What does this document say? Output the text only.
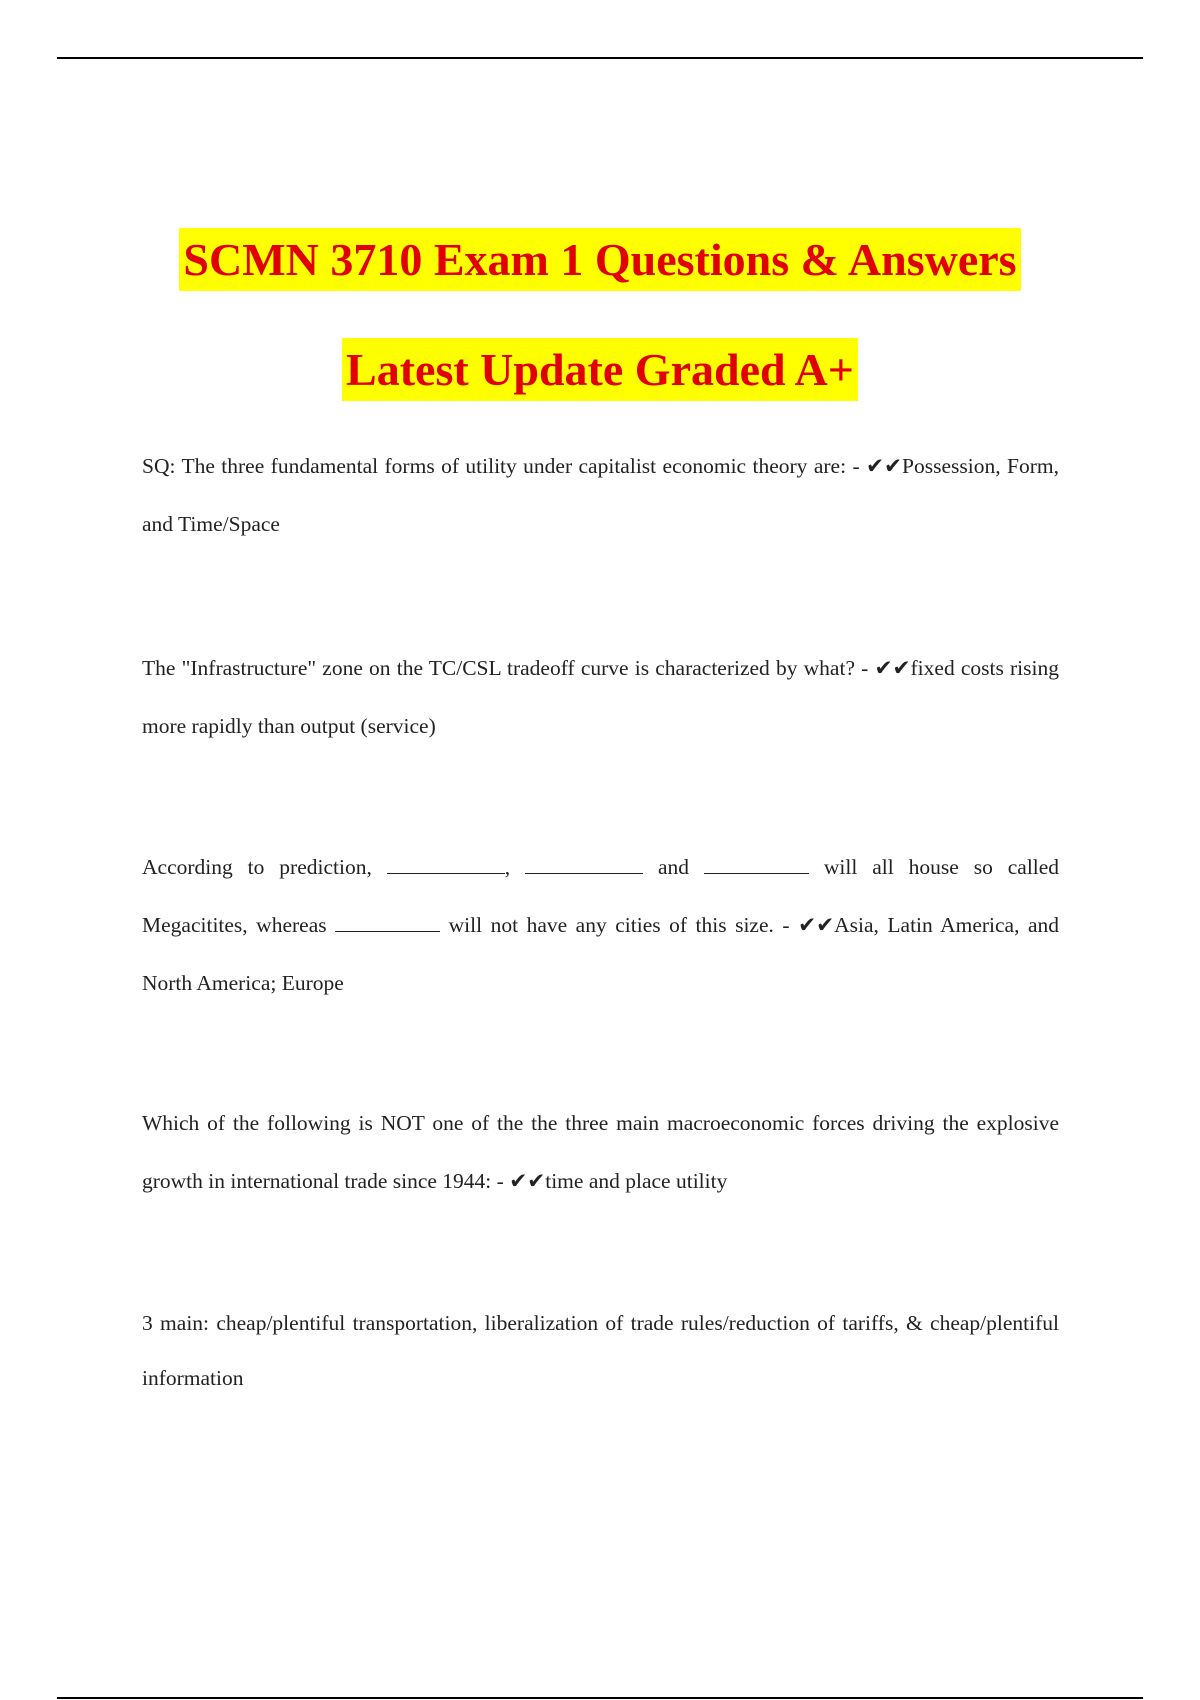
SCMN 3710 Exam 1 Questions & Answers
Latest Update Graded A+

SQ: The three fundamental forms of utility under capitalist economic theory are: - ✔✔Possession, Form, and Time/Space

The "Infrastructure" zone on the TC/CSL tradeoff curve is characterized by what? - ✔✔fixed costs rising more rapidly than output (service)

According to prediction,	,	and	will all house so called Megacitites, whereas	will not have any cities of this size. - ✔✔Asia, Latin America, and North America; Europe

Which of the following is NOT one of the the three main macroeconomic forces driving the explosive growth in international trade since 1944: - ✔✔time and place utility

3 main: cheap/plentiful transportation, liberalization of trade rules/reduction of tariffs, & cheap/plentiful information
